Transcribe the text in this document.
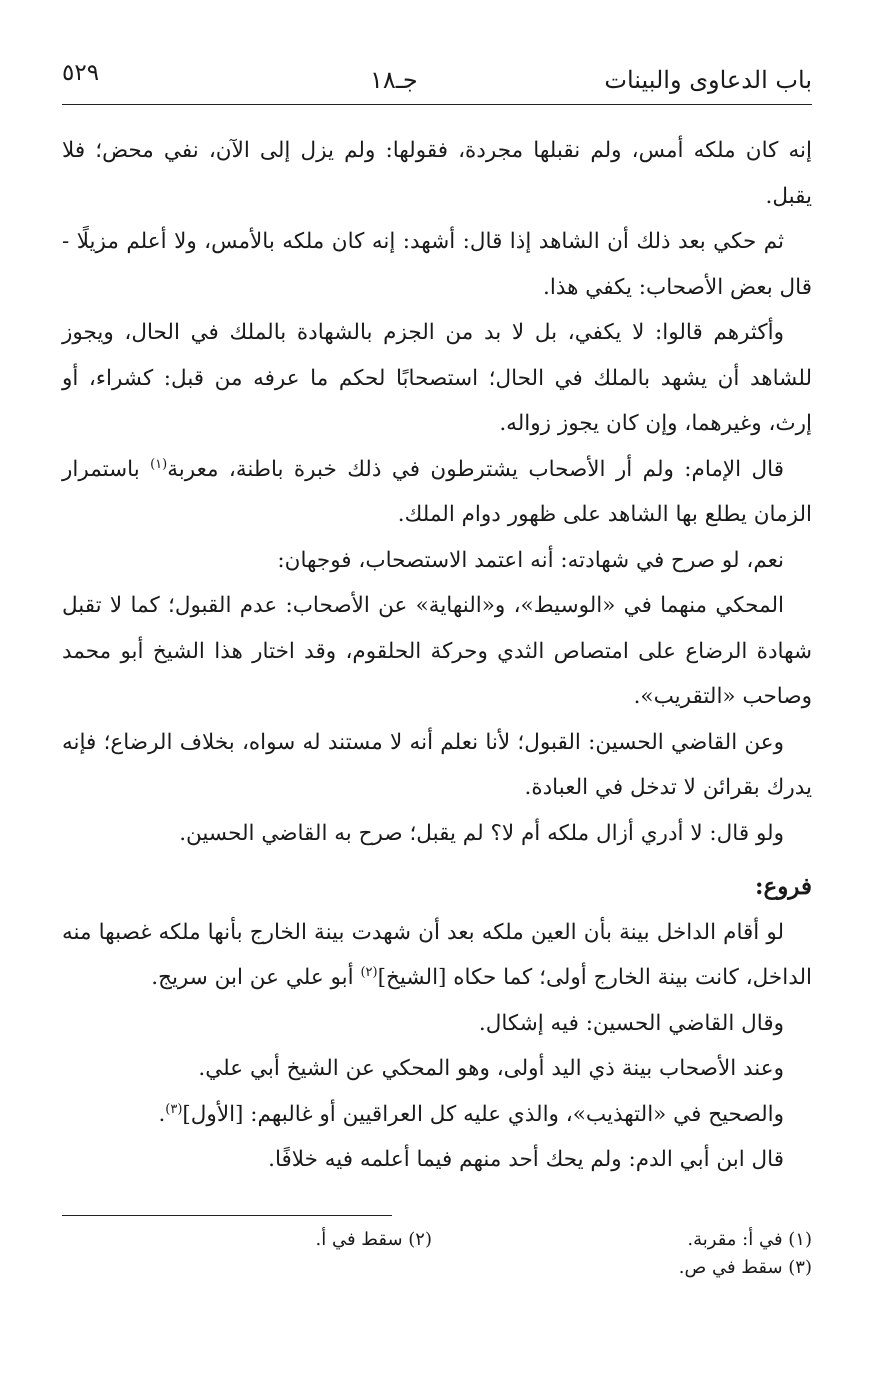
باب الدعاوى والبينات
جـ١٨
٥٢٩

إنه كان ملكه أمس، ولم نقبلها مجردة، فقولها: ولم يزل إلى الآن، نفي محض؛ فلا يقبل.

ثم حكي بعد ذلك أن الشاهد إذا قال: أشهد: إنه كان ملكه بالأمس، ولا أعلم مزيلًا - قال بعض الأصحاب: يكفي هذا.

وأكثرهم قالوا: لا يكفي، بل لا بد من الجزم بالشهادة بالملك في الحال، ويجوز للشاهد أن يشهد بالملك في الحال؛ استصحابًا لحكم ما عرفه من قبل: كشراء، أو إرث، وغيرهما، وإن كان يجوز زواله.

قال الإمام: ولم أر الأصحاب يشترطون في ذلك خبرة باطنة، معربة$^{(١)}$ باستمرار الزمان يطلع بها الشاهد على ظهور دوام الملك.

نعم، لو صرح في شهادته: أنه اعتمد الاستصحاب، فوجهان:

المحكي منهما في «الوسيط»، و«النهاية» عن الأصحاب: عدم القبول؛ كما لا تقبل شهادة الرضاع على امتصاص الثدي وحركة الحلقوم، وقد اختار هذا الشيخ أبو محمد وصاحب «التقريب».

وعن القاضي الحسين: القبول؛ لأنا نعلم أنه لا مستند له سواه، بخلاف الرضاع؛ فإنه يدرك بقرائن لا تدخل في العبادة.

ولو قال: لا أدري أزال ملكه أم لا؟ لم يقبل؛ صرح به القاضي الحسين.

فروع:

لو أقام الداخل بينة بأن العين ملكه بعد أن شهدت بينة الخارج بأنها ملكه غصبها منه الداخل، كانت بينة الخارج أولى؛ كما حكاه [الشيخ]$^{(٢)}$ أبو علي عن ابن سريج.

وقال القاضي الحسين: فيه إشكال.

وعند الأصحاب بينة ذي اليد أولى، وهو المحكي عن الشيخ أبي علي.

والصحيح في «التهذيب»، والذي عليه كل العراقيين أو غالبهم: [الأول]$^{(٣)}$.

قال ابن أبي الدم: ولم يحك أحد منهم فيما أعلمه فيه خلافًا.

(١) في أ: مقربة.
(٢) سقط في أ.
(٣) سقط في ص.
